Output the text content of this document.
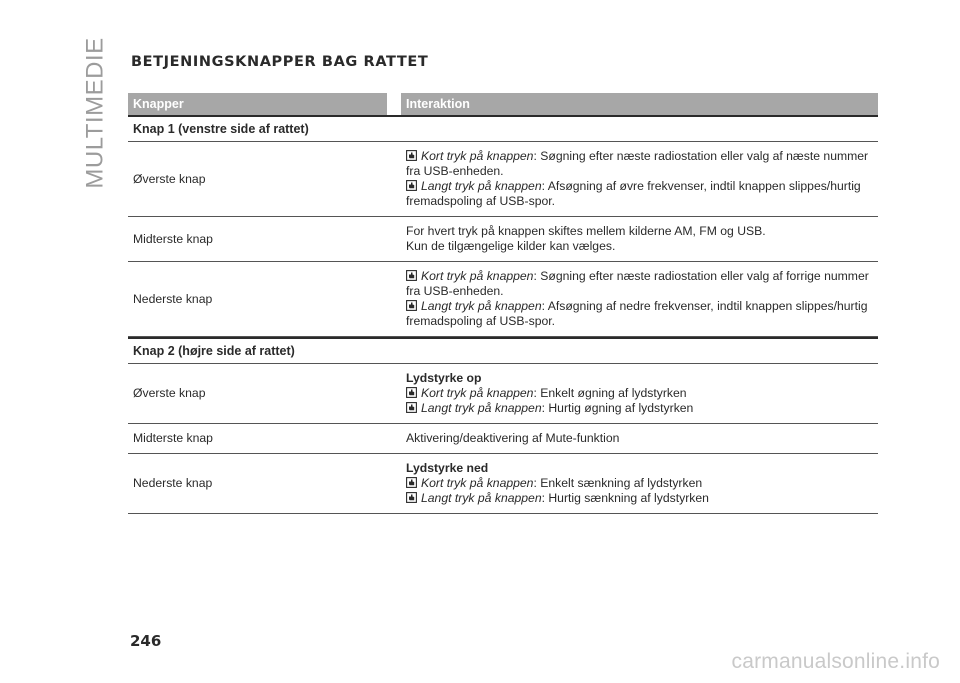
MULTIMEDIE BETJENINGSKNAPPER BAG RATTET
Knapper	Interaktion
Knap 1 (venstre side af rattet)
Øverste knap
Kort tryk på knappen: Søgning efter næste radiostation eller valg af næste nummer fra USB-enheden.
Langt tryk på knappen: Afsøgning af øvre frekvenser, indtil knappen slippes/hurtig fremadspoling af USB-spor.
Midterste knap
For hvert tryk på knappen skiftes mellem kilderne AM, FM og USB.
Kun de tilgængelige kilder kan vælges.
Nederste knap
Kort tryk på knappen: Søgning efter næste radiostation eller valg af forrige nummer fra USB-enheden.
Langt tryk på knappen: Afsøgning af nedre frekvenser, indtil knappen slippes/hurtig fremadspoling af USB-spor.
Knap 2 (højre side af rattet)
Øverste knap
Lydstyrke op
Kort tryk på knappen: Enkelt øgning af lydstyrken
Langt tryk på knappen: Hurtig øgning af lydstyrken
Midterste knap	Aktivering/deaktivering af Mute-funktion
Nederste knap
Lydstyrke ned
Kort tryk på knappen: Enkelt sænkning af lydstyrken
Langt tryk på knappen: Hurtig sænkning af lydstyrken
246
carmanualsonline.info
